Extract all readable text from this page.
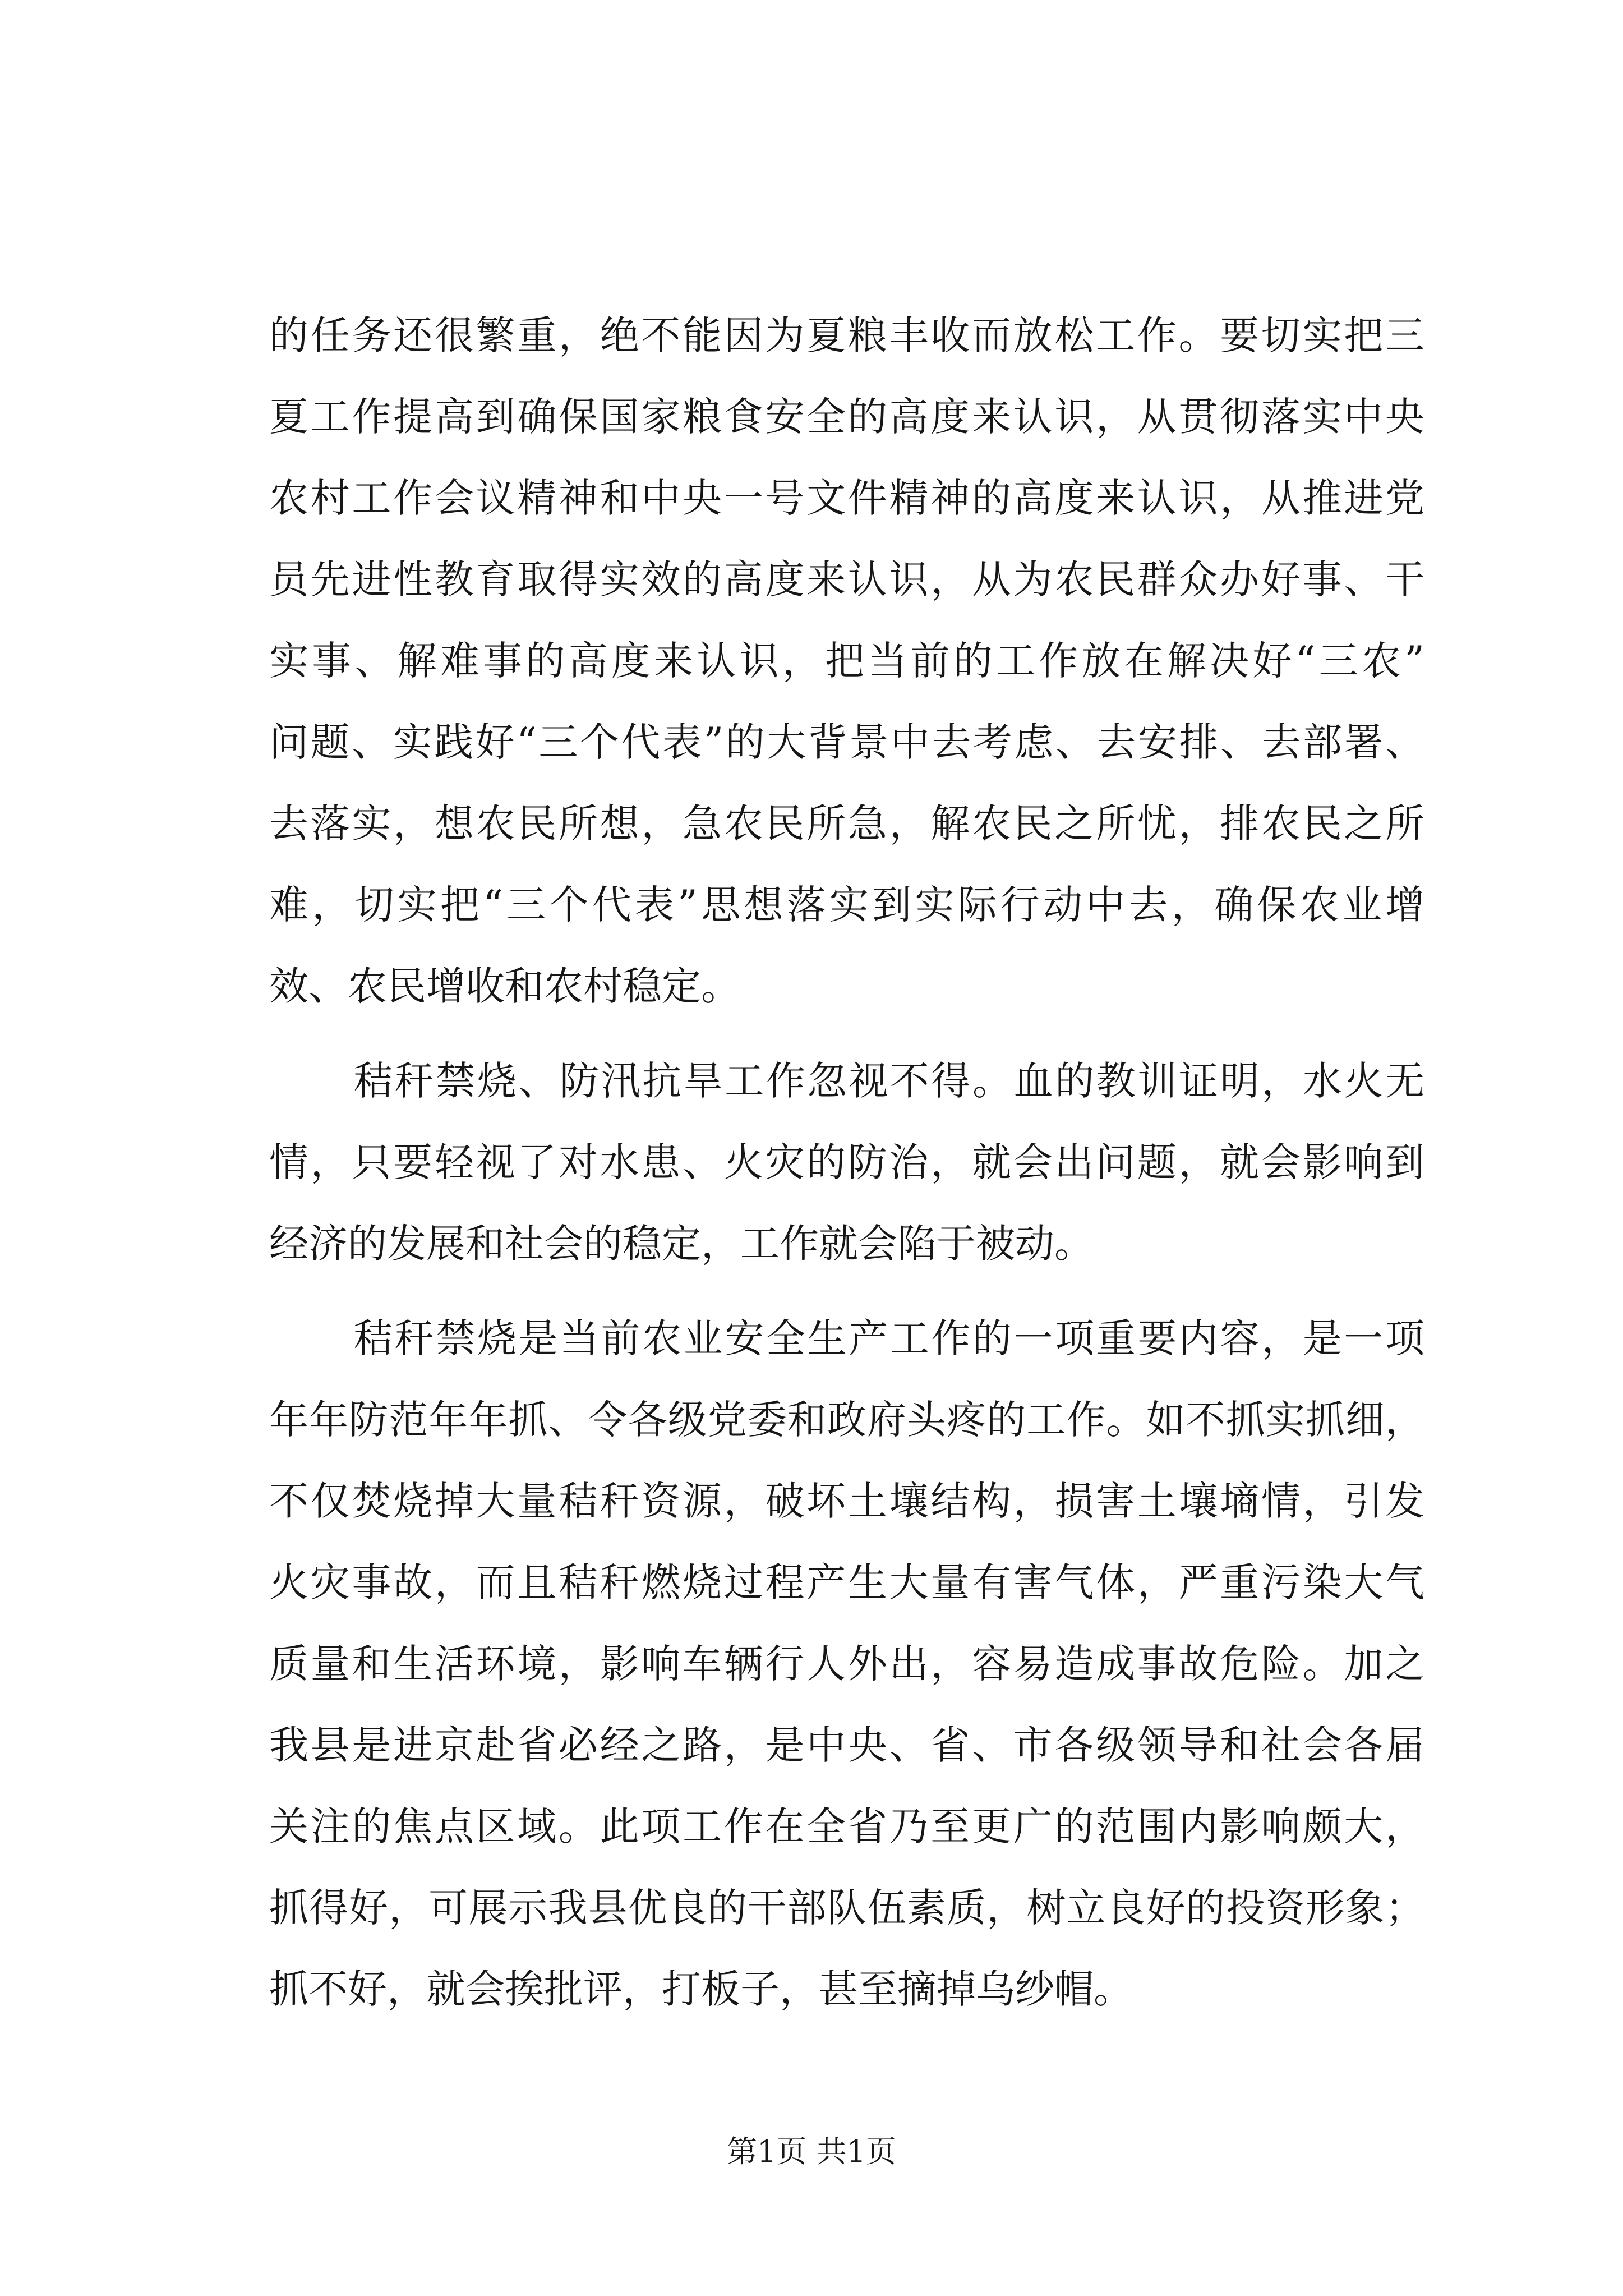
的任务还很繁重，绝不能因为夏粮丰收而放松工作。要切实把三
夏工作提高到确保国家粮食安全的高度来认识，从贯彻落实中央
农村工作会议精神和中央一号文件精神的高度来认识，从推进党
员先进性教育取得实效的高度来认识，从为农民群众办好事、干
实事、解难事的高度来认识，把当前的工作放在解决好“三农”
问题、实践好“三个代表”的大背景中去考虑、去安排、去部署、
去落实，想农民所想，急农民所急，解农民之所忧，排农民之所
难，切实把“三个代表”思想落实到实际行动中去，确保农业增
效、农民增收和农村稳定。
秸秆禁烧、防汛抗旱工作忽视不得。血的教训证明，水火无
情，只要轻视了对水患、火灾的防治，就会出问题，就会影响到
经济的发展和社会的稳定，工作就会陷于被动。
秸秆禁烧是当前农业安全生产工作的一项重要内容，是一项
年年防范年年抓、令各级党委和政府头疼的工作。如不抓实抓细，
不仅焚烧掉大量秸秆资源，破坏土壤结构，损害土壤墒情，引发
火灾事故，而且秸秆燃烧过程产生大量有害气体，严重污染大气
质量和生活环境，影响车辆行人外出，容易造成事故危险。加之
我县是进京赴省必经之路，是中央、省、市各级领导和社会各届
关注的焦点区域。此项工作在全省乃至更广的范围内影响颇大，
抓得好，可展示我县优良的干部队伍素质，树立良好的投资形象；
抓不好，就会挨批评，打板子，甚至摘掉乌纱帽。
第1页 共1页
